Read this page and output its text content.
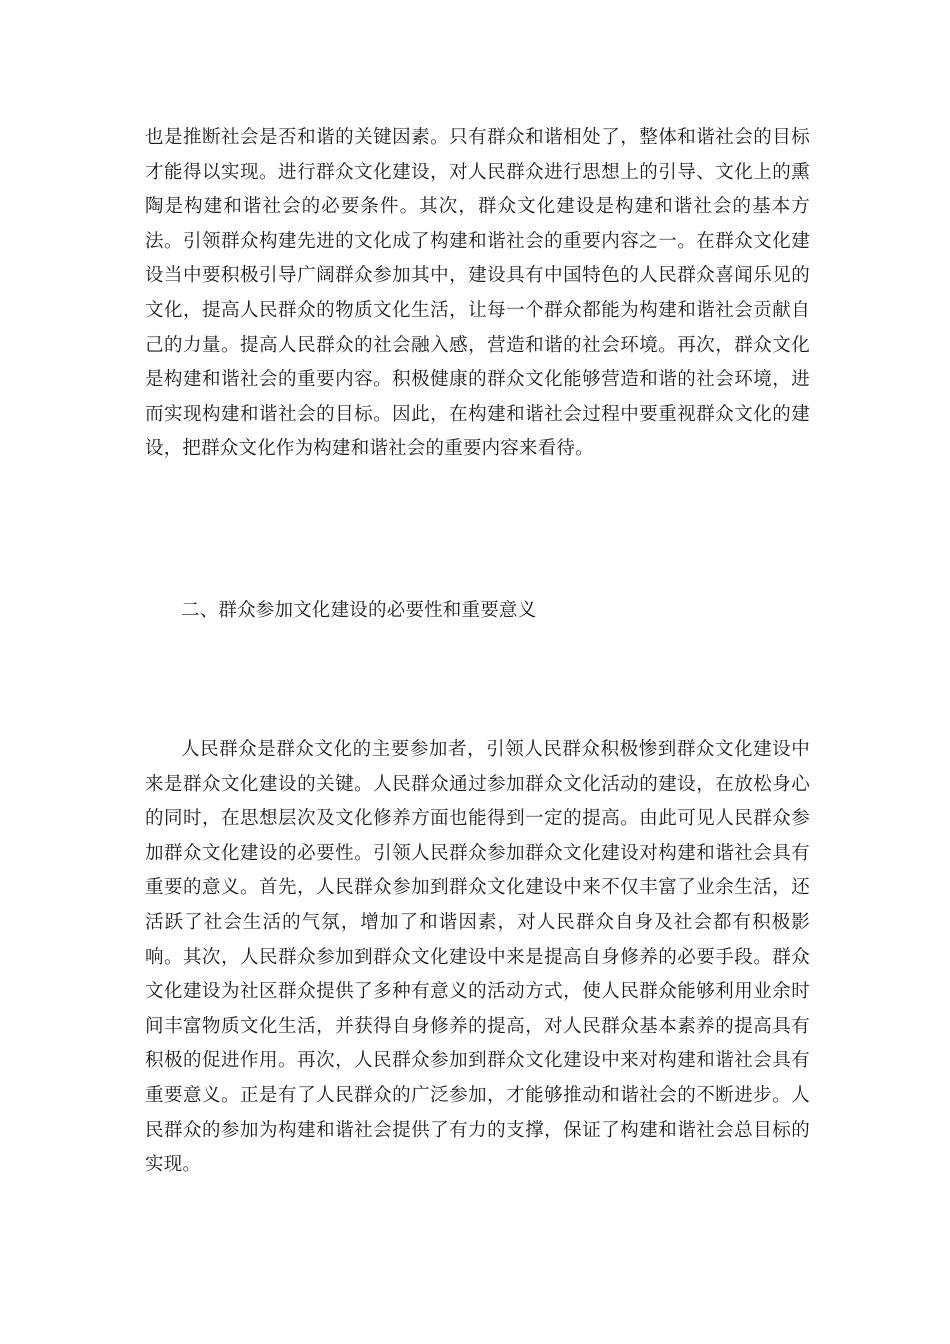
也是推断社会是否和谐的关键因素。只有群众和谐相处了，整体和谐社会的目标才能得以实现。进行群众文化建设，对人民群众进行思想上的引导、文化上的熏陶是构建和谐社会的必要条件。其次，群众文化建设是构建和谐社会的基本方法。引领群众构建先进的文化成了构建和谐社会的重要内容之一。在群众文化建设当中要积极引导广阔群众参加其中，建设具有中国特色的人民群众喜闻乐见的文化，提高人民群众的物质文化生活，让每一个群众都能为构建和谐社会贡献自己的力量。提高人民群众的社会融入感，营造和谐的社会环境。再次，群众文化是构建和谐社会的重要内容。积极健康的群众文化能够营造和谐的社会环境，进而实现构建和谐社会的目标。因此，在构建和谐社会过程中要重视群众文化的建设，把群众文化作为构建和谐社会的重要内容来看待。

二、群众参加文化建设的必要性和重要意义

人民群众是群众文化的主要参加者，引领人民群众积极惨到群众文化建设中来是群众文化建设的关键。人民群众通过参加群众文化活动的建设，在放松身心的同时，在思想层次及文化修养方面也能得到一定的提高。由此可见人民群众参加群众文化建设的必要性。引领人民群众参加群众文化建设对构建和谐社会具有重要的意义。首先，人民群众参加到群众文化建设中来不仅丰富了业余生活，还活跃了社会生活的气氛，增加了和谐因素，对人民群众自身及社会都有积极影响。其次，人民群众参加到群众文化建设中来是提高自身修养的必要手段。群众文化建设为社区群众提供了多种有意义的活动方式，使人民群众能够利用业余时间丰富物质文化生活，并获得自身修养的提高，对人民群众基本素养的提高具有积极的促进作用。再次，人民群众参加到群众文化建设中来对构建和谐社会具有重要意义。正是有了人民群众的广泛参加，才能够推动和谐社会的不断进步。人民群众的参加为构建和谐社会提供了有力的支撑，保证了构建和谐社会总目标的实现。
